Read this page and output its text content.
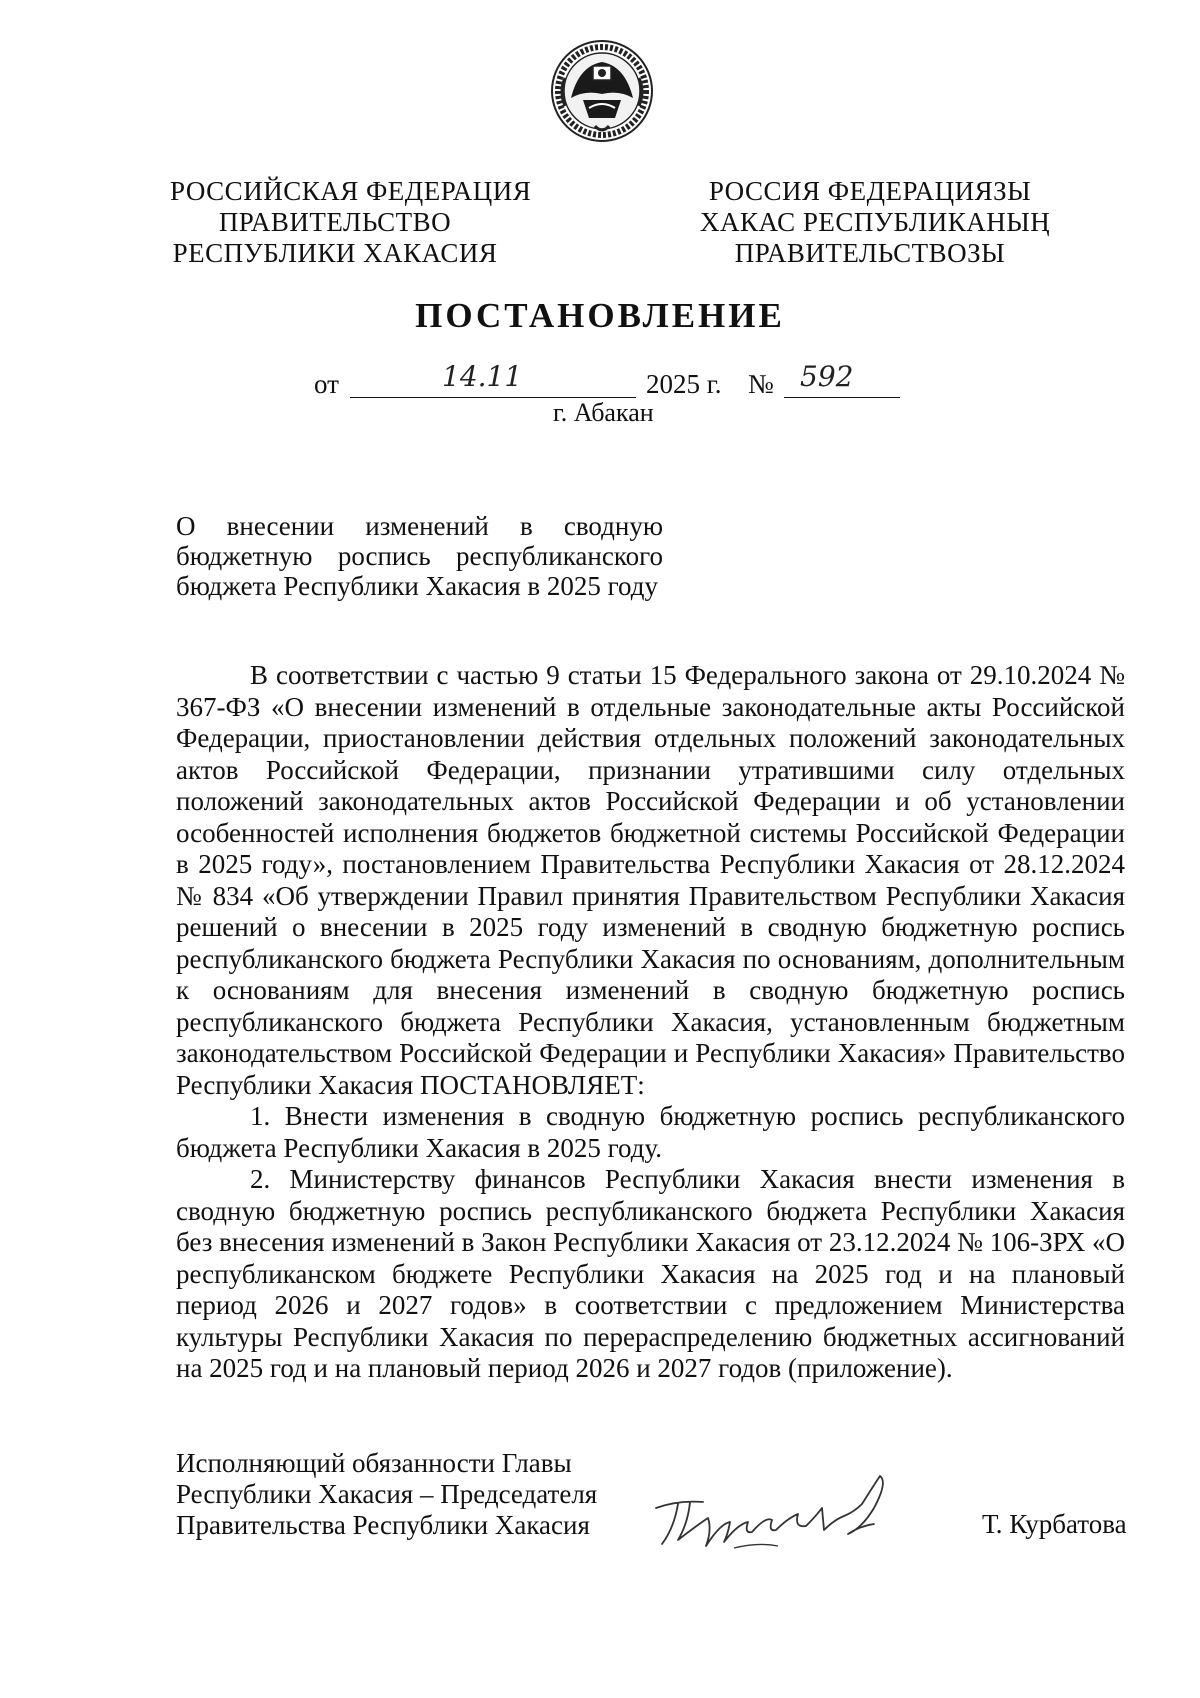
РОССИЙСКАЯ ФЕДЕРАЦИЯ
ПРАВИТЕЛЬСТВО
РЕСПУБЛИКИ ХАКАСИЯ
РОССИЯ ФЕДЕРАЦИЯЗЫ
ХАКАС РЕСПУБЛИКАНЫҢ
ПРАВИТЕЛЬСТВОЗЫ
ПОСТАНОВЛЕНИЕ
от	14.11	2025 г. № 592
г. Абакан
О внесении изменений в сводную
бюджетную роспись республиканского
бюджета Республики Хакасия в 2025 году

В соответствии с частью 9 статьи 15 Федерального закона от 29.10.2024 № 367-ФЗ «О внесении изменений в отдельные законодательные акты Российской Федерации, приостановлении действия отдельных положений законодательных актов Российской Федерации, признании утратившими силу отдельных положений законодательных актов Российской Федерации и об установлении особенностей исполнения бюджетов бюджетной системы Российской Федерации в 2025 году», постановлением Правительства Республики Хакасия от 28.12.2024 № 834 «Об утверждении Правил принятия Правительством Республики Хакасия решений о внесении в 2025 году изменений в сводную бюджетную роспись республиканского бюджета Республики Хакасия по основаниям, дополнительным к основаниям для внесения изменений в сводную бюджетную роспись республиканского бюджета Республики Хакасия, установленным бюджетным законодательством Российской Федерации и Республики Хакасия» Правительство Республики Хакасия ПОСТАНОВЛЯЕТ:

1. Внести изменения в сводную бюджетную роспись республиканского бюджета Республики Хакасия в 2025 году.

2. Министерству финансов Республики Хакасия внести изменения в сводную бюджетную роспись республиканского бюджета Республики Хакасия без внесения изменений в Закон Республики Хакасия от 23.12.2024 № 106-ЗРХ «О республиканском бюджете Республики Хакасия на 2025 год и на плановый период 2026 и 2027 годов» в соответствии с предложением Министерства культуры Республики Хакасия по перераспределению бюджетных ассигнований на 2025 год и на плановый период 2026 и 2027 годов (приложение).

Исполняющий обязанности Главы
Республики Хакасия – Председателя
Правительства Республики Хакасия	Т. Курбатова
